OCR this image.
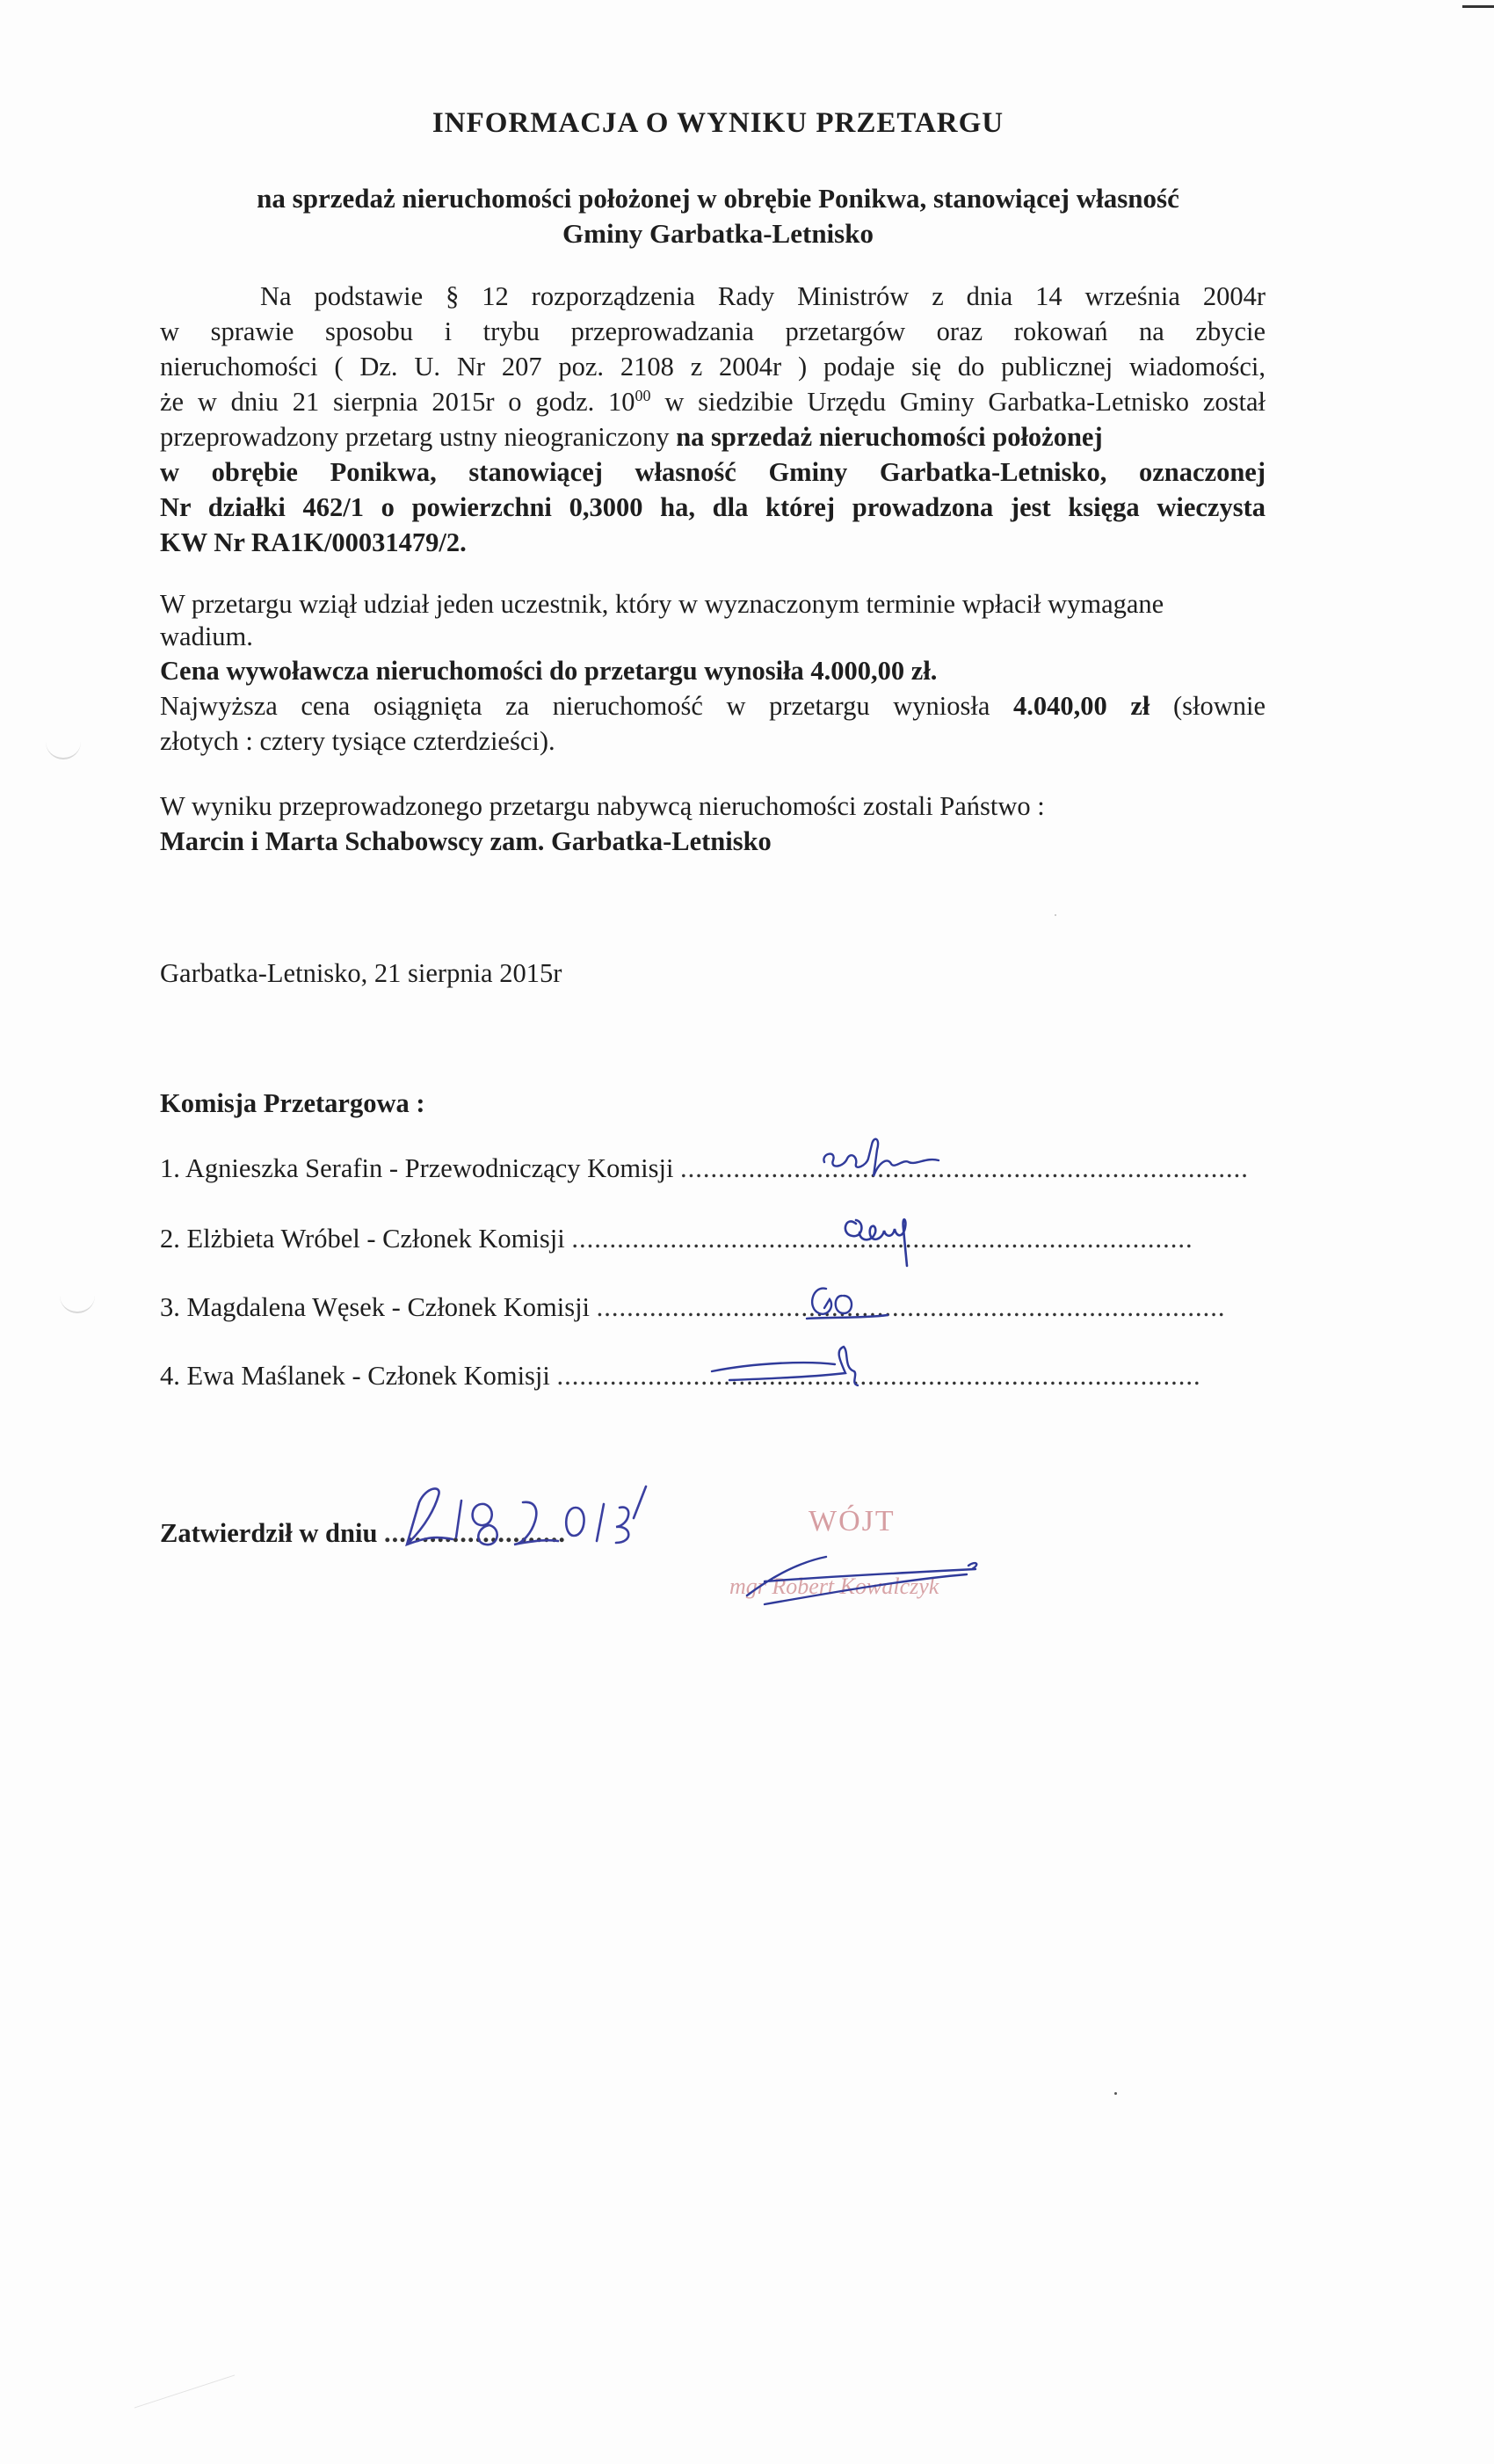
INFORMACJA O WYNIKU PRZETARGU
na sprzedaż nieruchomości położonej w obrębie Ponikwa, stanowiącej własność
Gminy Garbatka-Letnisko
Na podstawie § 12 rozporządzenia Rady Ministrów z dnia 14 września 2004r
w sprawie sposobu i trybu przeprowadzania przetargów oraz rokowań na zbycie
nieruchomości ( Dz. U. Nr 207 poz. 2108 z 2004r ) podaje się do publicznej wiadomości,
że w dniu 21 sierpnia 2015r o godz. $10^{00}$ w siedzibie Urzędu Gminy Garbatka-Letnisko został
przeprowadzony przetarg ustny nieograniczony na sprzedaż nieruchomości położonej
w obrębie Ponikwa, stanowiącej własność Gminy Garbatka-Letnisko, oznaczonej
Nr działki 462/1 o powierzchni 0,3000 ha, dla której prowadzona jest księga wieczysta
KW Nr RA1K/00031479/2.
W przetargu wziął udział jeden uczestnik, który w wyznaczonym terminie wpłacił wymagane
wadium.
Cena wywoławcza nieruchomości do przetargu wynosiła 4.000,00 zł.
Najwyższa cena osiągnięta za nieruchomość w przetargu wyniosła 4.040,00 zł (słownie
złotych : cztery tysiące czterdzieści).
W wyniku przeprowadzonego przetargu nabywcą nieruchomości zostali Państwo :
Marcin i Marta Schabowscy zam. Garbatka-Letnisko
Garbatka-Letnisko, 21 sierpnia 2015r
Komisja Przetargowa :
1. Agnieszka Serafin - Przewodniczący Komisji ...........................................................................
2. Elżbieta Wróbel - Członek Komisji ..................................................................................
3. Magdalena Węsek - Członek Komisji ...................................................................................
4. Ewa Maślanek - Członek Komisji .....................................................................................
Zatwierdził w dniu ........................	WÓJT
mgr Robert Kowalczyk
